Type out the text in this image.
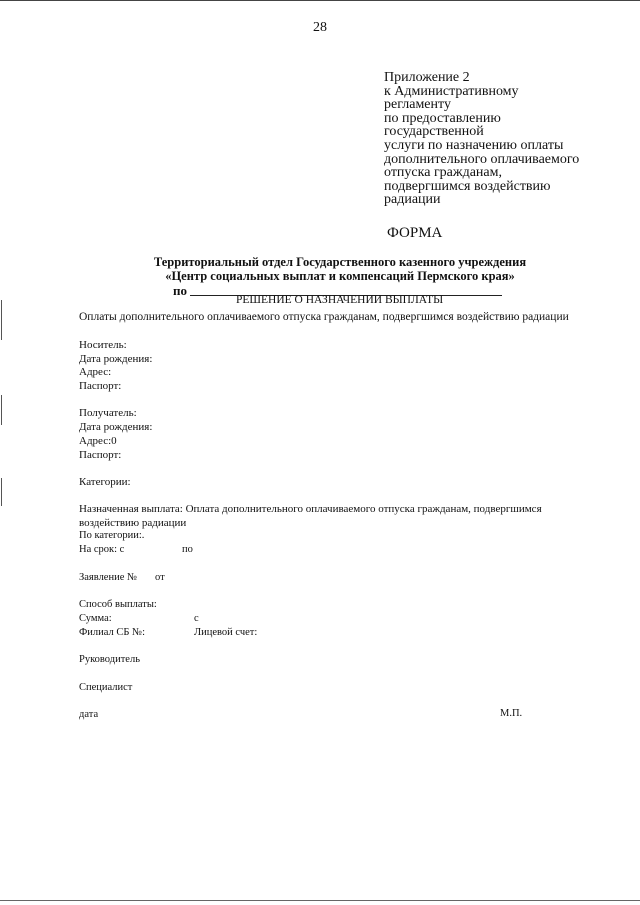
28
Приложение 2
к Административному
регламенту
по предоставлению
государственной
услуги по назначению оплаты
дополнительного оплачиваемого
отпуска гражданам,
подвергшимся воздействию
радиации
ФОРМА
Территориальный отдел Государственного казенного учреждения
«Центр социальных выплат и компенсаций Пермского края»
по
РЕШЕНИЕ О НАЗНАЧЕНИИ ВЫПЛАТЫ
Оплаты дополнительного оплачиваемого отпуска гражданам, подвергшимся воздействию радиации
Носитель:
Дата рождения:
Адрес:
Паспорт:
Получатель:
Дата рождения:
Адрес:0
Паспорт:
Категории:
Назначенная выплата: Оплата дополнительного оплачиваемого отпуска гражданам, подвергшимся
воздействию радиации
По категории:.
На срок: с	по
Заявление № от
Способ выплаты:
Сумма:	с
Филиал СБ №:	Лицевой счет:
Руководитель
Специалист
дата	М.П.
